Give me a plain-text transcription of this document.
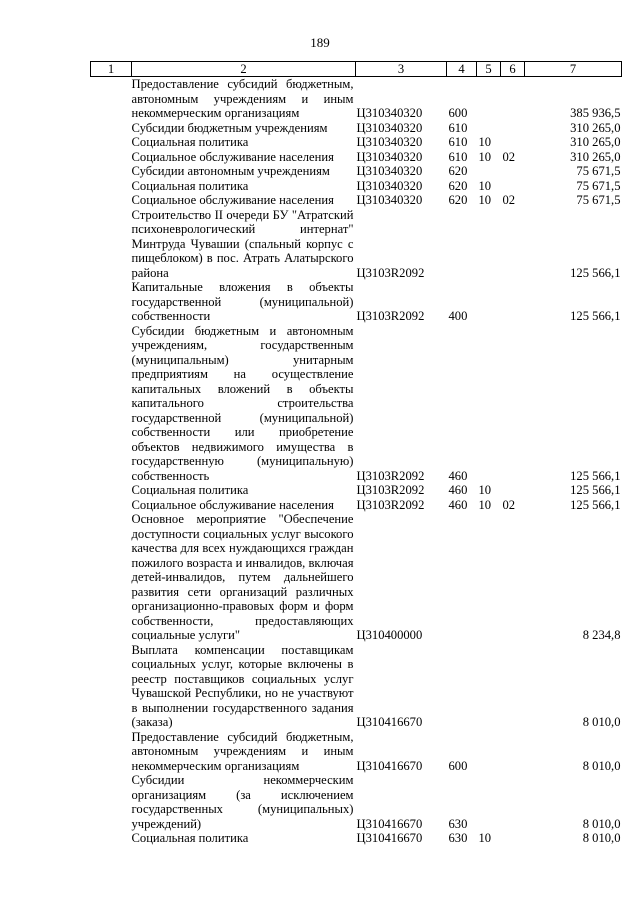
189
1	2	3	4	5	6	7
	Предоставление субсидий бюджетным, автономным учреждениям и иным некоммерческим организациям	Ц310340320	600			385 936,5
	Субсидии бюджетным учреждениям	Ц310340320	610			310 265,0
	Социальная политика	Ц310340320	610	10		310 265,0
	Социальное обслуживание населения	Ц310340320	610	10	02	310 265,0
	Субсидии автономным учреждениям	Ц310340320	620			75 671,5
	Социальная политика	Ц310340320	620	10		75 671,5
	Социальное обслуживание населения	Ц310340320	620	10	02	75 671,5
	Строительство II очереди БУ "Атратский психоневрологический интернат" Минтруда Чувашии (спальный корпус с пищеблоком) в пос. Атрать Алатырского района	Ц3103R2092				125 566,1
	Капитальные вложения в объекты государственной (муниципальной) собственности	Ц3103R2092	400			125 566,1
	Субсидии бюджетным и автономным учреждениям, государственным (муниципальным) унитарным предприятиям на осуществление капитальных вложений в объекты капитального строительства государственной (муниципальной) собственности или приобретение объектов недвижимого имущества в государственную (муниципальную) собственность	Ц3103R2092	460			125 566,1
	Социальная политика	Ц3103R2092	460	10		125 566,1
	Социальное обслуживание населения	Ц3103R2092	460	10	02	125 566,1
	Основное мероприятие "Обеспечение доступности социальных услуг высокого качества для всех нуждающихся граждан пожилого возраста и инвалидов, включая детей-инвалидов, путем дальнейшего развития сети организаций различных организационно-правовых форм и форм собственности, предоставляющих социальные услуги"	Ц310400000				8 234,8
	Выплата компенсации поставщикам социальных услуг, которые включены в реестр поставщиков социальных услуг Чувашской Республики, но не участвуют в выполнении государственного задания (заказа)	Ц310416670				8 010,0
	Предоставление субсидий бюджетным, автономным учреждениям и иным некоммерческим организациям	Ц310416670	600			8 010,0
	Субсидии некоммерческим организациям (за исключением государственных (муниципальных) учреждений)	Ц310416670	630			8 010,0
	Социальная политика	Ц310416670	630	10		8 010,0
